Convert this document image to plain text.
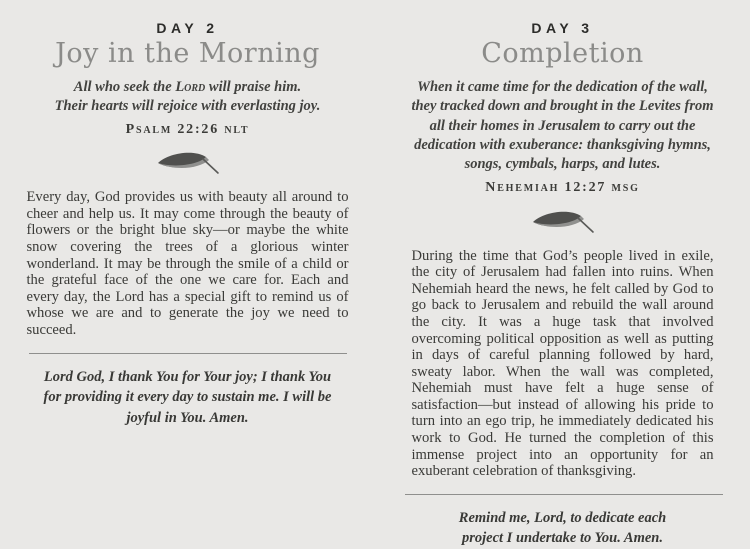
DAY 2
Joy in the Morning
All who seek the Lord will praise him.
Their hearts will rejoice with everlasting joy.
Psalm 22:26 nlt
Every day, God provides us with beauty all around to cheer and help us. It may come through the beauty of flowers or the bright blue sky—or maybe the white snow covering the trees of a glorious winter wonderland. It may be through the smile of a child or the grateful face of the one we care for. Each and every day, the Lord has a special gift to remind us of whose we are and to generate the joy we need to succeed.
Lord God, I thank You for Your joy; I thank You for providing it every day to sustain me. I will be joyful in You. Amen.
DAY 3
Completion
When it came time for the dedication of the wall, they tracked down and brought in the Levites from all their homes in Jerusalem to carry out the dedication with exuberance: thanksgiving hymns, songs, cymbals, harps, and lutes.
Nehemiah 12:27 msg
During the time that God’s people lived in exile, the city of Jerusalem had fallen into ruins. When Nehemiah heard the news, he felt called by God to go back to Jerusalem and rebuild the wall around the city. It was a huge task that involved overcoming political opposition as well as putting in days of careful planning followed by hard, sweaty labor. When the wall was completed, Nehemiah must have felt a huge sense of satisfaction—but instead of allowing his pride to turn into an ego trip, he immediately dedicated his work to God. He turned the completion of this immense project into an opportunity for an exuberant celebration of thanksgiving.
Remind me, Lord, to dedicate each project I undertake to You. Amen.
